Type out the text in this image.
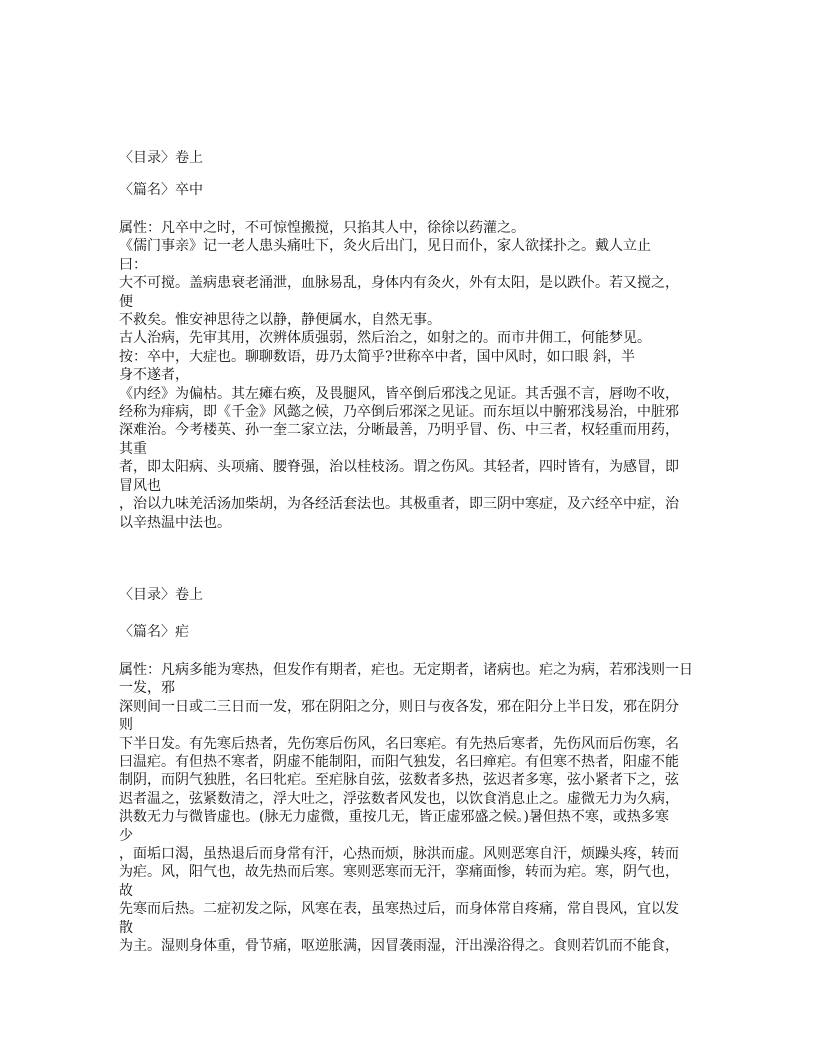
〈目录〉卷上
〈篇名〉卒中
属性：凡卒中之时，不可惊惶搬搅，只掐其人中，徐徐以药灌之。
《儒门事亲》记一老人患头痛吐下，灸火后出门，见日而仆，家人欲揉扑之。戴人立止
曰：
大不可搅。盖病患衰老涌泄，血脉易乱，身体内有灸火，外有太阳，是以跌仆。若又搅之，
便
不救矣。惟安神思待之以静，静便属水，自然无事。
古人治病，先审其用，次辨体质强弱，然后治之，如射之的。而市井佣工，何能梦见。
按：卒中，大症也。聊聊数语，毋乃太简乎?世称卒中者，国中风时，如口眼 斜，半
身不遂者，
《内经》为偏枯。其左瘫右痪，及畏腿风，皆卒倒后邪浅之见证。其舌强不言，唇吻不收，
经称为痱病，即《千金》风懿之候，乃卒倒后邪深之见证。而东垣以中腑邪浅易治，中脏邪
深难治。今考楼英、孙一奎二家立法，分晰最善，乃明乎冒、伤、中三者，权轻重而用药，
其重
者，即太阳病、头项痛、腰脊强，治以桂枝汤。谓之伤风。其轻者，四时皆有，为感冒，即
冒风也
，治以九味羌活汤加柴胡，为各经活套法也。其极重者，即三阴中寒症，及六经卒中症，治
以辛热温中法也。
〈目录〉卷上
〈篇名〉疟
属性：凡病多能为寒热，但发作有期者，疟也。无定期者，诸病也。疟之为病，若邪浅则一日
一发，邪
深则间一日或二三日而一发，邪在阴阳之分，则日与夜各发，邪在阳分上半日发，邪在阴分
则
下半日发。有先寒后热者，先伤寒后伤风，名曰寒疟。有先热后寒者，先伤风而后伤寒，名
曰温疟。有但热不寒者，阴虚不能制阳，而阳气独发，名曰瘅疟。有但寒不热者，阳虚不能
制阴，而阴气独胜，名曰牝疟。至疟脉自弦，弦数者多热，弦迟者多寒，弦小紧者下之，弦
迟者温之，弦紧数清之，浮大吐之，浮弦数者风发也，以饮食消息止之。虚微无力为久病，
洪数无力与微皆虚也。(脉无力虚微，重按几无，皆正虚邪盛之候。)暑但热不寒，或热多寒
少
，面垢口渴，虽热退后而身常有汗，心热而烦，脉洪而虚。风则恶寒自汗，烦躁头疼，转而
为疟。风，阳气也，故先热而后寒。寒则恶寒而无汗，挛痛面惨，转而为疟。寒，阴气也，
故
先寒而后热。二症初发之际，风寒在表，虽寒热过后，而身体常自疼痛，常自畏风，宜以发
散
为主。湿则身体重，骨节痛，呕逆胀满，因冒袭雨湿，汗出澡浴得之。食则若饥而不能食，
